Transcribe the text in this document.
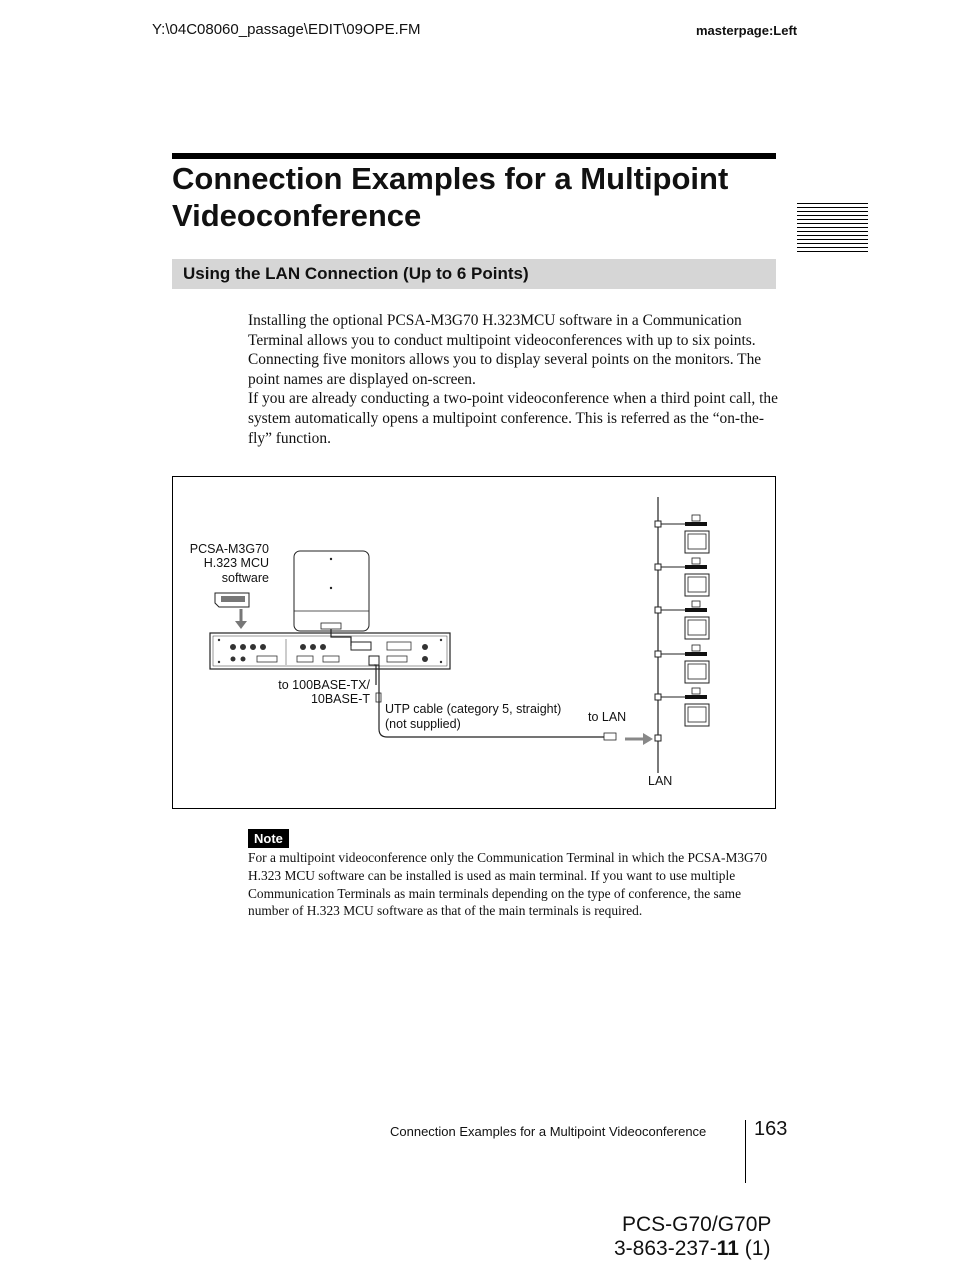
Y:\04C08060_passage\EDIT\09OPE.FM	masterpage:Left
Connection Examples for a Multipoint Videoconference
Using the LAN Connection (Up to 6 Points)

Installing the optional PCSA-M3G70 H.323MCU software in a Communication Terminal allows you to conduct multipoint videoconferences with up to six points.

Connecting five monitors allows you to display several points on the monitors. The point names are displayed on-screen.

If you are already conducting a two-point videoconference when a third point call, the system automatically opens a multipoint conference. This is referred as the “on-the-fly” function.

PCSA-M3G70
H.323 MCU
software
to 100BASE-TX/
10BASE-T
UTP cable (category 5, straight)
(not supplied)	to LAN
LAN
Note
For a multipoint videoconference only the Communication Terminal in which the PCSA-M3G70 H.323 MCU software can be installed is used as main terminal. If you want to use multiple Communication Terminals as main terminals depending on the type of conference, the same number of H.323 MCU software as that of the main terminals is required.
Connection Examples for a Multipoint Videoconference 163
PCS-G70/G70P
3-863-237-11 (1)
